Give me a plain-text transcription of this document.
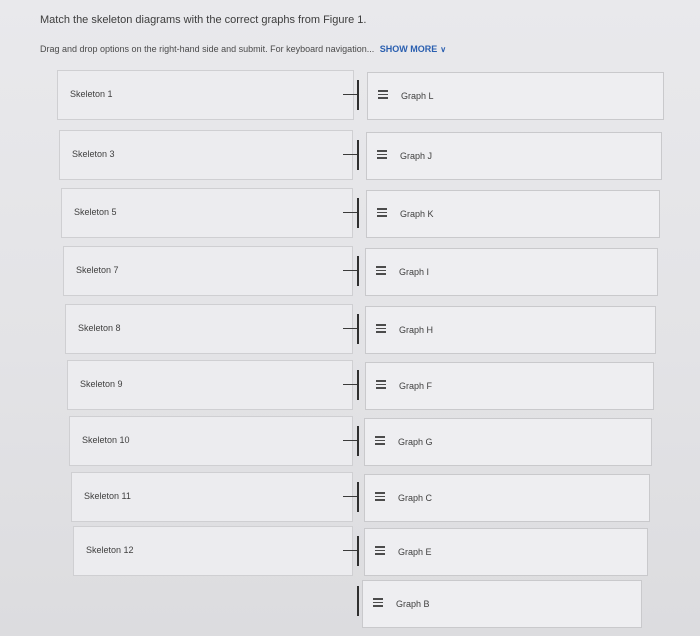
Match the skeleton diagrams with the correct graphs from Figure 1.
Drag and drop options on the right-hand side and submit. For keyboard navigation... SHOW MORE ∨
Skeleton 1	Graph L
Skeleton 3	Graph J
Skeleton 5	Graph K
Skeleton 7	Graph I
Skeleton 8	Graph H
Skeleton 9	Graph F
Skeleton 10	Graph G
Skeleton 11	Graph C
Skeleton 12	Graph E
Graph B
